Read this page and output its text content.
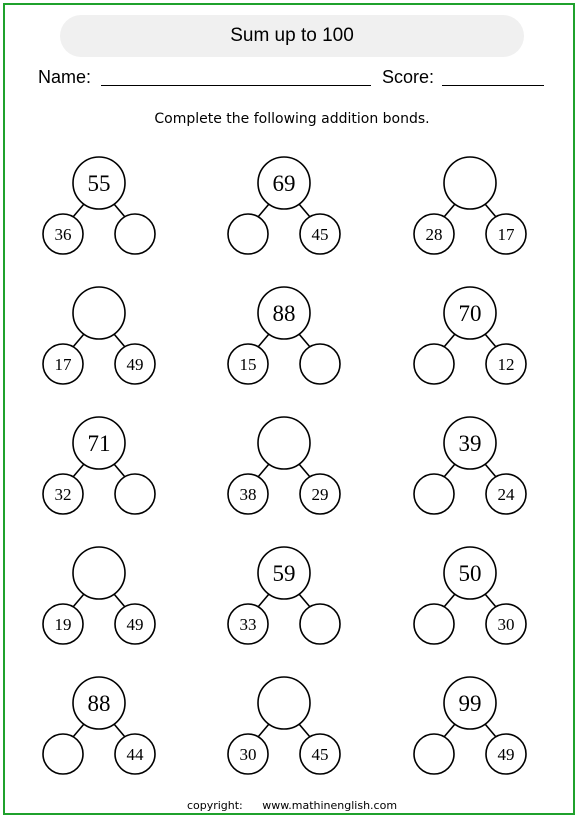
Sum up to 100
Name:	Score:
Complete the following addition bonds.
55
36
69
45	28	17
17	49
88
15
70
12
71
32	38	29
39
24
19	49
59
33
50
30
88
44	30	45
99
49
copyright: www.mathinenglish.com
